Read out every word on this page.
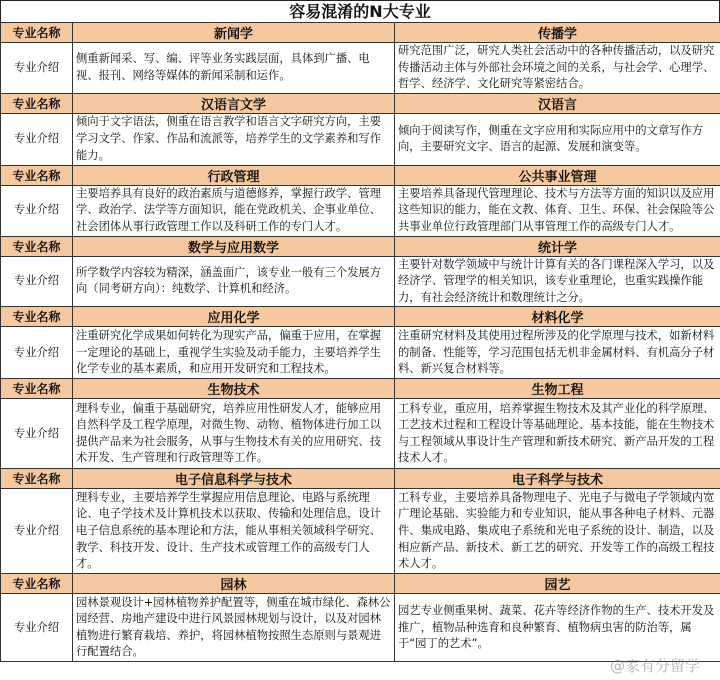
容易混淆的N大专业
专业名称	新闻学	传播学
专业介绍	侧重新闻采、写、编、评等业务实践层面，具体到广播、电视、报刊、网络等媒体的新闻采制和运作。	研究范围广泛，研究人类社会活动中的各种传播活动，以及研究传播活动主体与外部社会环境之间的关系，与社会学、心理学、哲学、经济学、文化研究等紧密结合。
专业名称	汉语言文学	汉语言
专业介绍	倾向于文字语法，侧重在语言教学和语言文字研究方向，主要学习文学、作家、作品和流派等，培养学生的文学素养和写作能力。	倾向于阅读写作，侧重在文字应用和实际应用中的文章写作方向，主要研究文字、语言的起源、发展和演变等。
专业名称	行政管理	公共事业管理
专业介绍	主要培养具有良好的政治素质与道德修养，掌握行政学、管理学、政治学、法学等方面知识，能在党政机关、企事业单位、社会团体从事行政管理工作以及科研工作的专门人才。	主要培养具备现代管理理论、技术与方法等方面的知识以及应用这些知识的能力，能在文教、体育、卫生、环保、社会保险等公共事业单位行政管理部门从事管理工作的高级专门人才。
专业名称	数学与应用数学	统计学
专业介绍	所学数学内容较为精深，涵盖面广，该专业一般有三个发展方向（同考研方向）：纯数学、计算机和经济。	主要针对数学领域中与统计计算有关的各门课程深入学习，以及经济学、管理学的相关知识，该专业重理论，也重实践操作能力，有社会经济统计和数理统计之分。
专业名称	应用化学	材料化学
专业介绍	注重研究化学成果如何转化为现实产品，偏重于应用，在掌握一定理论的基础上，重视学生实验及动手能力，主要培养学生化学专业的基本素质，和应用开发研究和工程技术。	注重研究材料及其使用过程所涉及的化学原理与技术，如新材料的制备、性能等，学习范围包括无机非金属材料、有机高分子材料、新兴复合材料等。
专业名称	生物技术	生物工程
专业介绍	理科专业，偏重于基础研究，培养应用性研发人才，能够应用自然科学及工程学原理，对微生物、动物、植物体进行加工以提供产品来为社会服务，从事与生物技术有关的应用研究、技术开发、生产管理和行政管理等工作。	工科专业，重应用，培养掌握生物技术及其产业化的科学原理、工艺技术过程和工程设计等基础理论、基本技能，能在生物技术与工程领域从事设计生产管理和新技术研究、新产品开发的工程技术人才。
专业名称	电子信息科学与技术	电子科学与技术
专业介绍	理科专业，主要培养学生掌握应用信息理论、电路与系统理论、电子学技术及计算机技术以获取、传输和处理信息，设计电子信息系统的基本理论和方法，能从事相关领域科学研究、教学、科技开发、设计、生产技术或管理工作的高级专门人才。	工科专业，主要培养具备物理电子、光电子与微电子学领域内宽广理论基础、实验能力和专业知识，能从事各种电子材料、元器件、集成电路、集成电子系统和光电子系统的设计、制造，以及相应新产品、新技术、新工艺的研究、开发等工作的高级工程技术人才。
专业名称	园林	园艺
专业介绍	园林景观设计+园林植物养护配置等，侧重在城市绿化、森林公园经营、房地产建设中进行风景园林规划与设计，以及对园林植物进行繁育栽培、养护，将园林植物按照生态原则与景观进行配置结合。	园艺专业侧重果树、蔬菜、花卉等经济作物的生产、技术开发及推广，植物品种选育和良种繁育、植物病虫害的防治等，属于“园丁的艺术”。
@家有分留学
